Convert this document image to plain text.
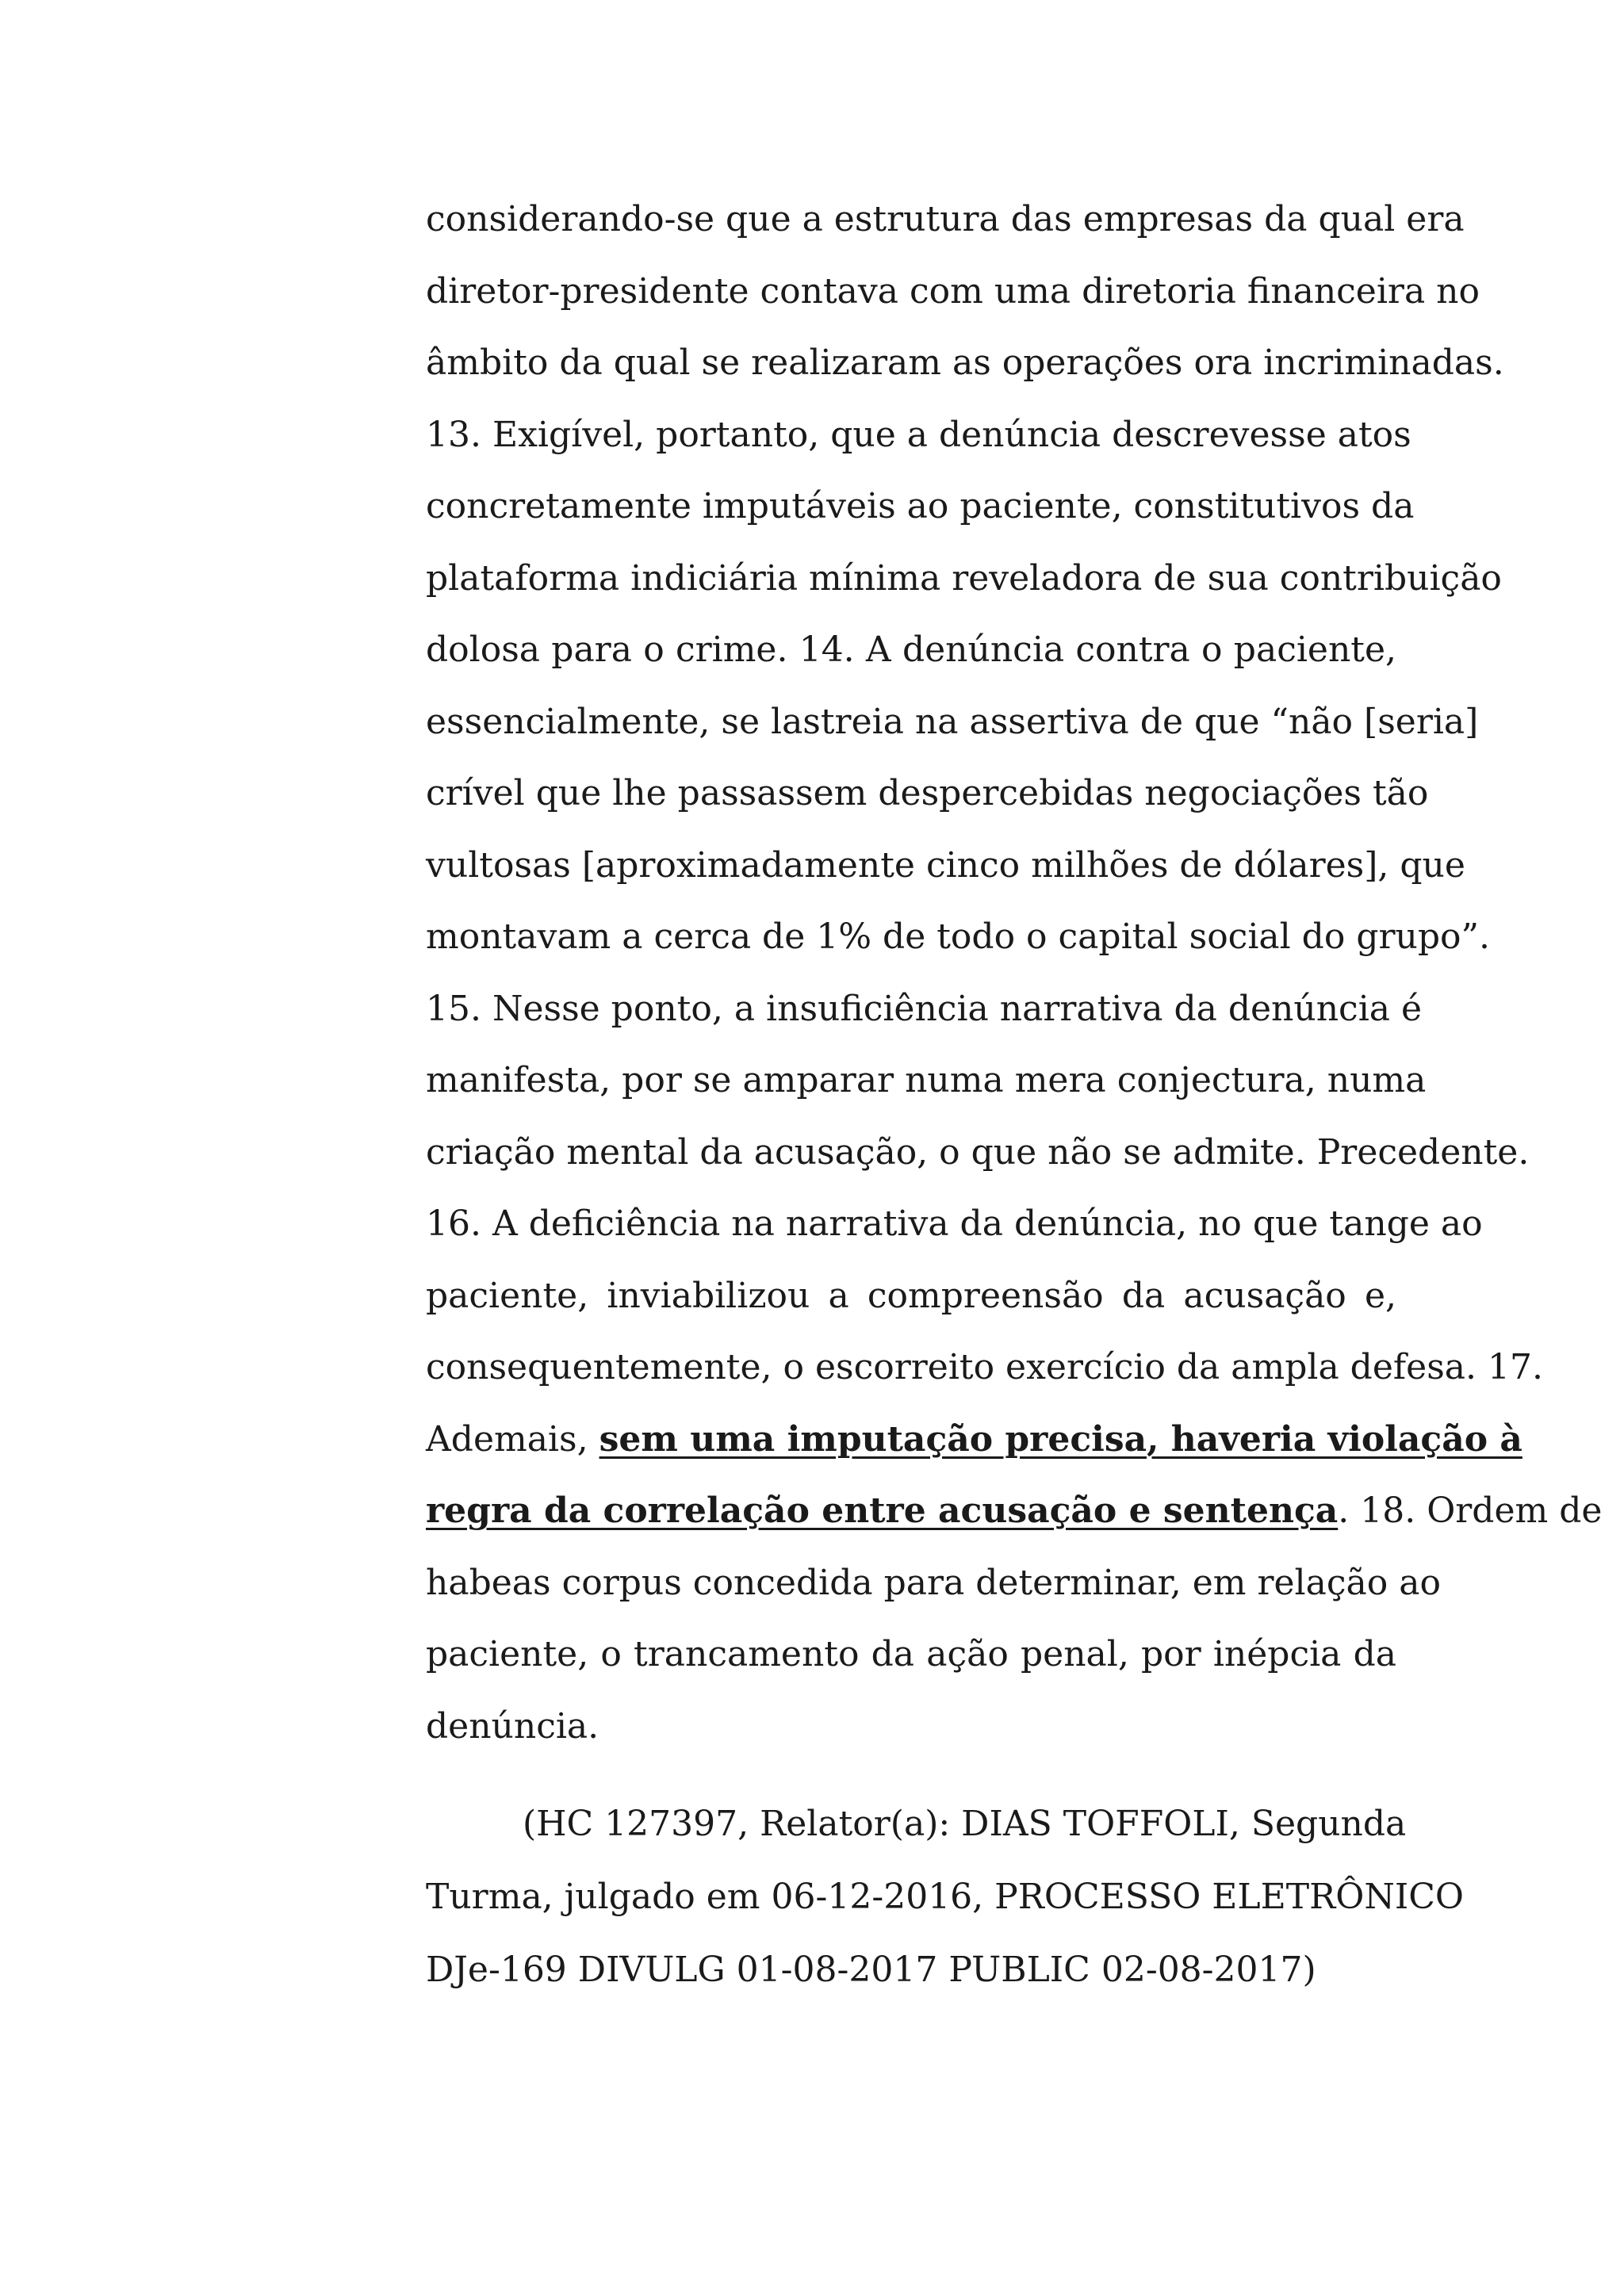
considerando-se que a estrutura das empresas da qual era
diretor-presidente contava com uma diretoria financeira no
âmbito da qual se realizaram as operações ora incriminadas.
13. Exigível, portanto, que a denúncia descrevesse atos
concretamente imputáveis ao paciente, constitutivos da
plataforma indiciária mínima reveladora de sua contribuição
dolosa para o crime. 14. A denúncia contra o paciente,
essencialmente, se lastreia na assertiva de que “não [seria]
crível que lhe passassem despercebidas negociações tão
vultosas [aproximadamente cinco milhões de dólares], que
montavam a cerca de 1% de todo o capital social do grupo”.
15. Nesse ponto, a insuficiência narrativa da denúncia é
manifesta, por se amparar numa mera conjectura, numa
criação mental da acusação, o que não se admite. Precedente.
16. A deficiência na narrativa da denúncia, no que tange ao
paciente, inviabilizou a compreensão da acusação e,
consequentemente, o escorreito exercício da ampla defesa. 17.
Ademais, sem uma imputação precisa, haveria violação à
regra da correlação entre acusação e sentença. 18. Ordem de
habeas corpus concedida para determinar, em relação ao
paciente, o trancamento da ação penal, por inépcia da
denúncia.
(HC 127397, Relator(a): DIAS TOFFOLI, Segunda
Turma, julgado em 06-12-2016, PROCESSO ELETRÔNICO
DJe-169 DIVULG 01-08-2017 PUBLIC 02-08-2017)
